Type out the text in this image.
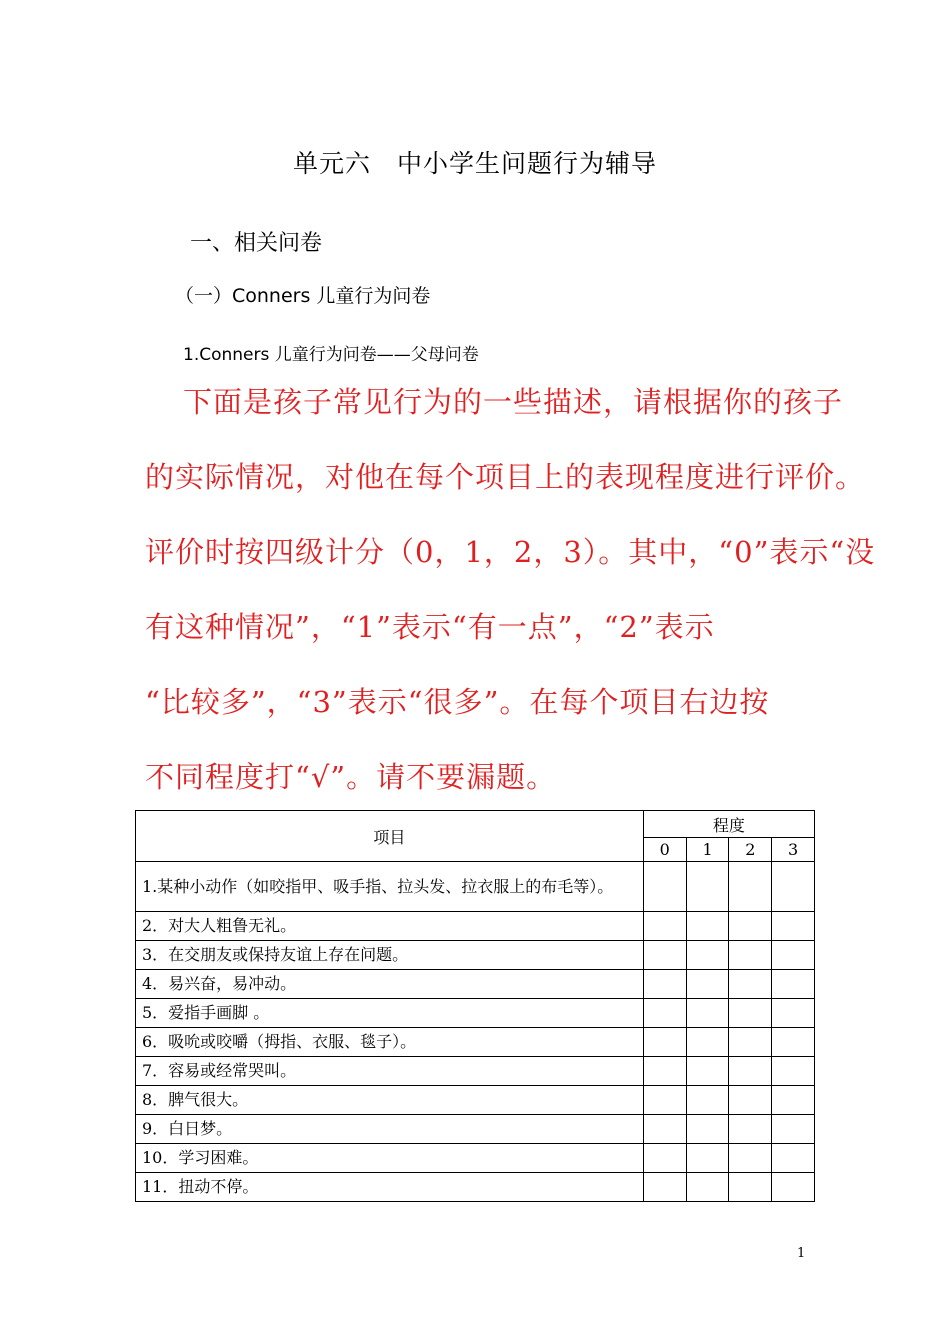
单元六　中小学生问题行为辅导
一、相关问卷
（一）Conners 儿童行为问卷
1.Conners 儿童行为问卷——父母问卷
下面是孩子常见行为的一些描述，请根据你的孩子
的实际情况，对他在每个项目上的表现程度进行评价。
评价时按四级计分（0，1，2，3）。其中，“0”表示“没
有这种情况”，“1”表示“有一点”，“2”表示
“比较多”，“3”表示“很多”。在每个项目右边按
不同程度打“√”。请不要漏题。
项目	程度			
	0	1	2	3
1.某种小动作（如咬指甲、吸手指、拉头发、拉衣服上的布毛等）。				
2．对大人粗鲁无礼。				
3．在交朋友或保持友谊上存在问题。				
4．易兴奋，易冲动。				
5．爱指手画脚 。				
6．吸吮或咬嚼（拇指、衣服、毯子）。				
7．容易或经常哭叫。				
8．脾气很大。				
9．白日梦。				
10．学习困难。				
11．扭动不停。				
1
